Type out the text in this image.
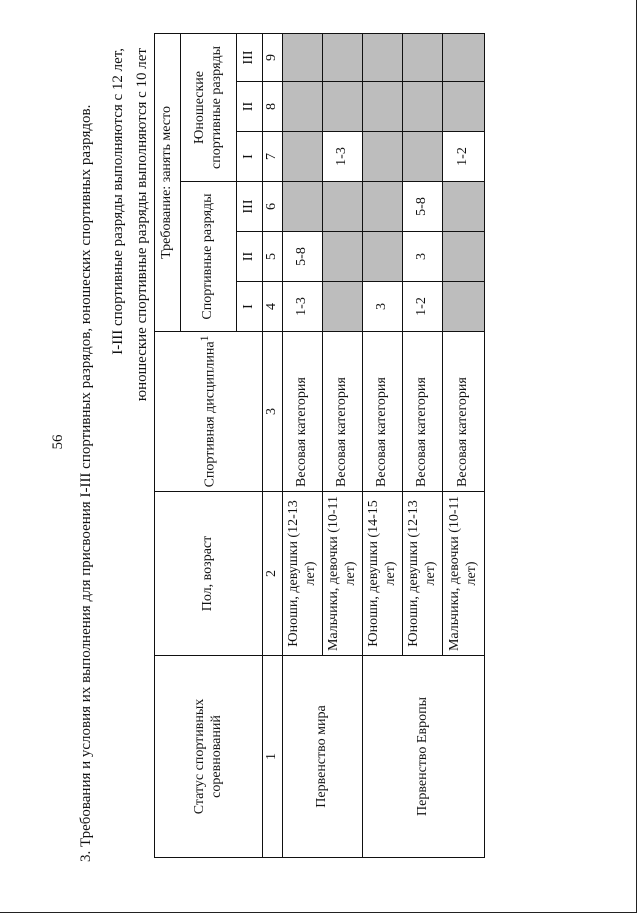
56 3. Требования и условия их выполнения для присвоения I-III спортивных разрядов, юношеских спортивных разрядов. I-III спортивные разряды выполняются с 12 лет, юношеские спортивные разряды выполняются с 10 лет
Статус спортивных соревнований	Пол, возраст	Спортивная дисциплина$^1$	Требование: занять место					
			Спортивные разряды			Юношеские спортивные разряды		
			I	II	III	I	II	III
1	2	3	4	5	6	7	8	9
Первенство мира	Юноши, девушки (12-13 лет)	Весовая категория	1-3	5-8				
	Мальчики, девочки (10-11 лет)	Весовая категория				1-3		
Первенство Европы	Юноши, девушки (14-15 лет)	Весовая категория	3					
	Юноши, девушки (12-13 лет)	Весовая категория	1-2	3	5-8			
	Мальчики, девочки (10-11 лет)	Весовая категория				1-2		
